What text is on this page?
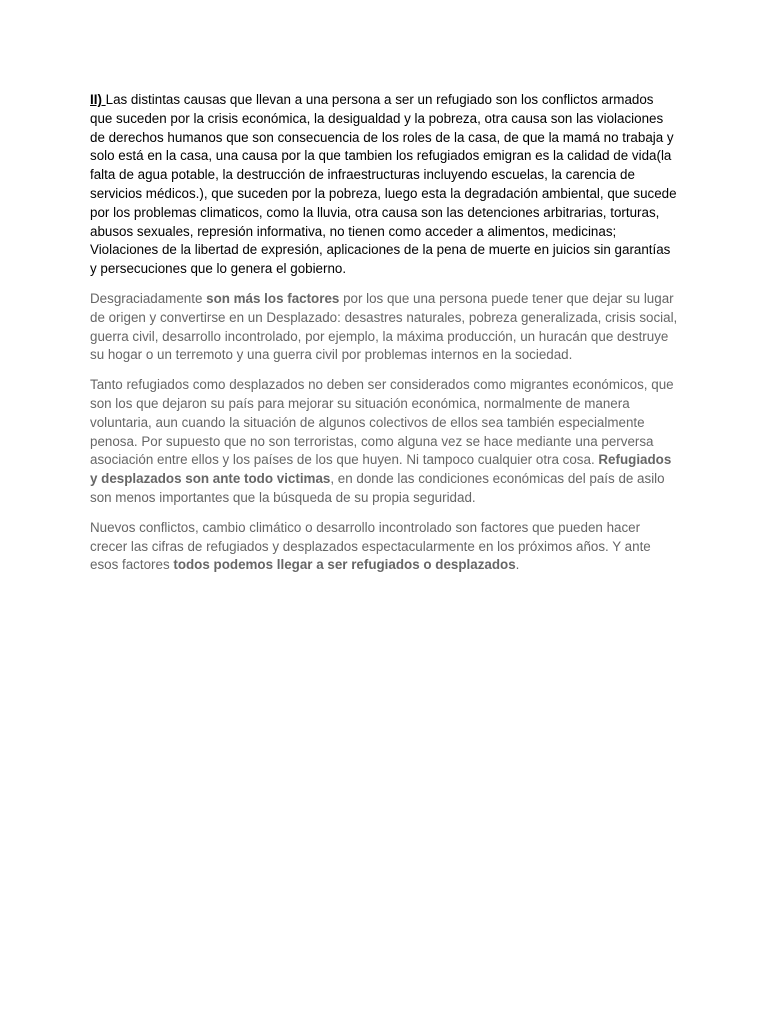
II) Las distintas causas que llevan a una persona a ser un refugiado son los conflictos armados que suceden por la crisis económica, la desigualdad y la pobreza, otra causa son las violaciones de derechos humanos que son consecuencia de los roles de la casa, de que la mamá no trabaja y solo está en la casa, una causa por la que tambien los refugiados emigran es la calidad de vida(la falta de agua potable, la destrucción de infraestructuras incluyendo escuelas, la carencia de servicios médicos.), que suceden por la pobreza, luego esta la degradación ambiental, que sucede por los problemas climaticos, como la lluvia, otra causa son las detenciones arbitrarias, torturas, abusos sexuales, represión informativa, no tienen como acceder a alimentos, medicinas; Violaciones de la libertad de expresión, aplicaciones de la pena de muerte en juicios sin garantías y persecuciones que lo genera el gobierno.

Desgraciadamente son más los factores por los que una persona puede tener que dejar su lugar de origen y convertirse en un Desplazado: desastres naturales, pobreza generalizada, crisis social, guerra civil, desarrollo incontrolado, por ejemplo, la máxima producción, un huracán que destruye su hogar o un terremoto y una guerra civil por problemas internos en la sociedad.

Tanto refugiados como desplazados no deben ser considerados como migrantes económicos, que son los que dejaron su país para mejorar su situación económica, normalmente de manera voluntaria, aun cuando la situación de algunos colectivos de ellos sea también especialmente penosa. Por supuesto que no son terroristas, como alguna vez se hace mediante una perversa asociación entre ellos y los países de los que huyen. Ni tampoco cualquier otra cosa. Refugiados y desplazados son ante todo victimas, en donde las condiciones económicas del país de asilo son menos importantes que la búsqueda de su propia seguridad.

Nuevos conflictos, cambio climático o desarrollo incontrolado son factores que pueden hacer crecer las cifras de refugiados y desplazados espectacularmente en los próximos años. Y ante esos factores todos podemos llegar a ser refugiados o desplazados.
